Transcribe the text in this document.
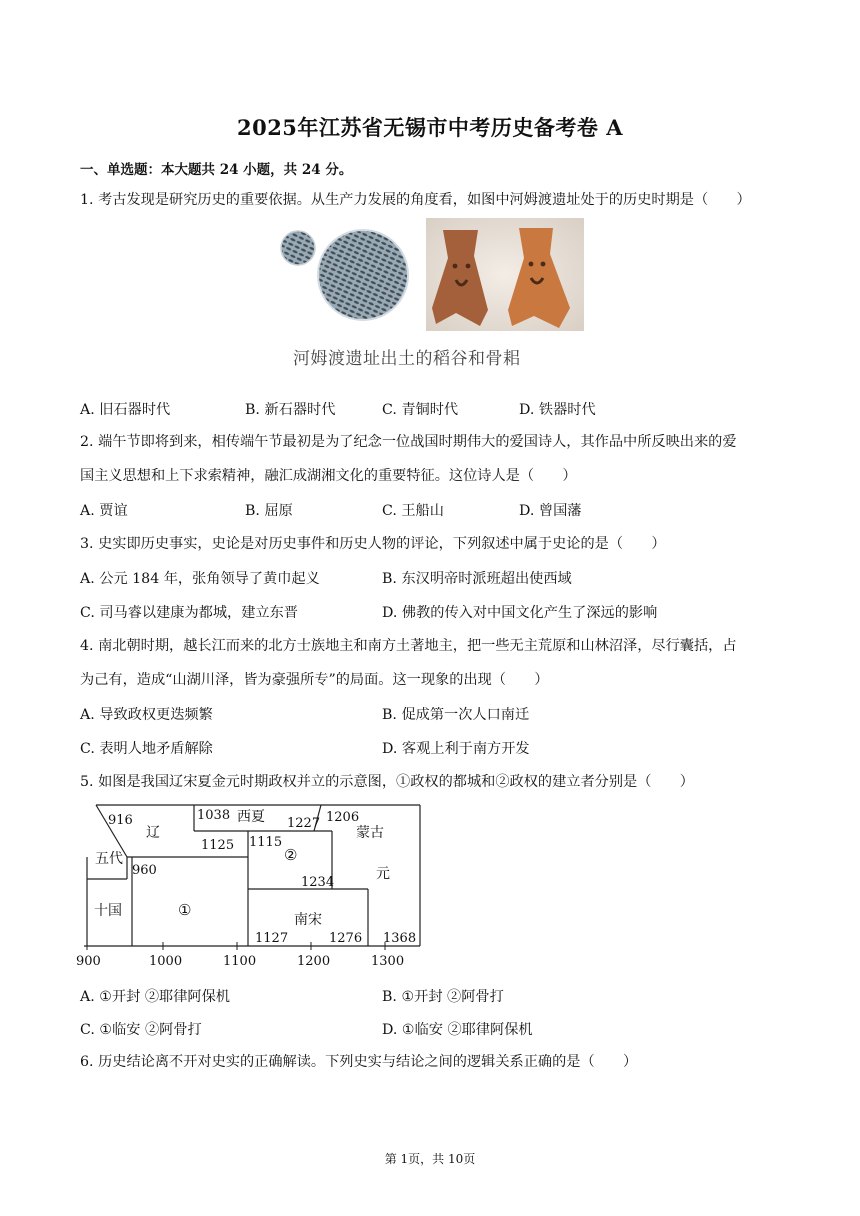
2025年江苏省无锡市中考历史备考卷 A
一、单选题：本大题共 24 小题，共 24 分。
1. 考古发现是研究历史的重要依据。从生产力发展的角度看，如图中河姆渡遗址处于的历史时期是（　　）
河姆渡遗址出土的稻谷和骨耜
A. 旧石器时代	B. 新石器时代	C. 青铜时代	D. 铁器时代
2. 端午节即将到来，相传端午节最初是为了纪念一位战国时期伟大的爱国诗人，其作品中所反映出来的爱
国主义思想和上下求索精神，融汇成湖湘文化的重要特征。这位诗人是（　　）
A. 贾谊	B. 屈原	C. 王船山	D. 曾国藩
3. 史实即历史事实，史论是对历史事件和历史人物的评论，下列叙述中属于史论的是（　　）
A. 公元 184 年，张角领导了黄巾起义	B. 东汉明帝时派班超出使西域
C. 司马睿以建康为都城，建立东晋	D. 佛教的传入对中国文化产生了深远的影响
4. 南北朝时期，越长江而来的北方士族地主和南方土著地主，把一些无主荒原和山林沼泽，尽行囊括，占
为己有，造成“山湖川泽，皆为豪强所专”的局面。这一现象的出现（　　）
A. 导致政权更迭频繁	B. 促成第一次人口南迁
C. 表明人地矛盾解除	D. 客观上利于南方开发
5. 如图是我国辽宋夏金元时期政权并立的示意图，①政权的都城和②政权的建立者分别是（　　）
916
辽
1038 西夏 1227 1206
蒙古
1125 1115
②
元
五代
960
1234
十国	①
南宋
1127	1276 1368
900	1000	1100	1200	1300
A. ①开封 ②耶律阿保机	B. ①开封 ②阿骨打
C. ①临安 ②阿骨打	D. ①临安 ②耶律阿保机
6. 历史结论离不开对史实的正确解读。下列史实与结论之间的逻辑关系正确的是（　　）
第 1页，共 10页
